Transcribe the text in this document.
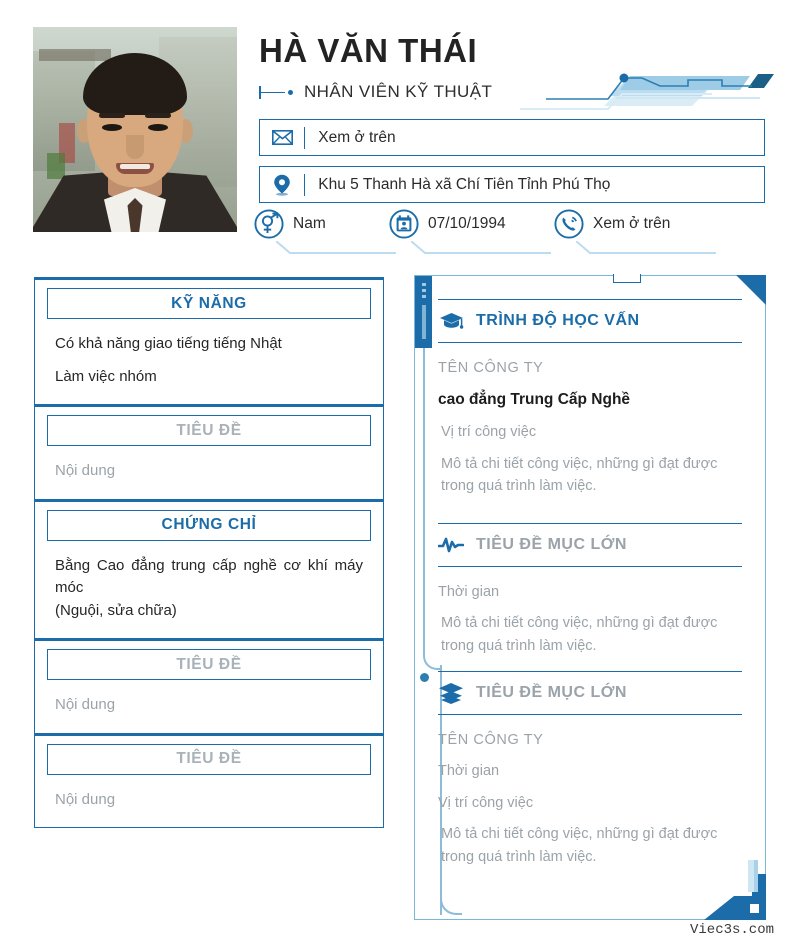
HÀ VĂN THÁI
NHÂN VIÊN KỸ THUẬT
Xem ở trên
Khu 5 Thanh Hà xã Chí Tiên Tỉnh Phú Thọ
Nam	07/10/1994	Xem ở trên
KỸ NĂNG
Có khả năng giao tiếng tiếng Nhật
Làm việc nhóm
TIÊU ĐỀ
Nội dung
CHỨNG CHỈ
Bằng Cao đẳng trung cấp nghề cơ khí máy móc
(Nguội, sửa chữa)
TIÊU ĐỀ
Nội dung
TIÊU ĐỀ
Nội dung
TRÌNH ĐỘ HỌC VẤN
TÊN CÔNG TY
cao đẳng Trung Cấp Nghề
Vị trí công việc
Mô tả chi tiết công việc, những gì đạt được trong quá trình làm việc.
TIÊU ĐỀ MỤC LỚN
Thời gian
Mô tả chi tiết công việc, những gì đạt được trong quá trình làm việc.
TIÊU ĐỀ MỤC LỚN
TÊN CÔNG TY
Thời gian
Vị trí công việc
Mô tả chi tiết công việc, những gì đạt được trong quá trình làm việc.
Viec3s.com
